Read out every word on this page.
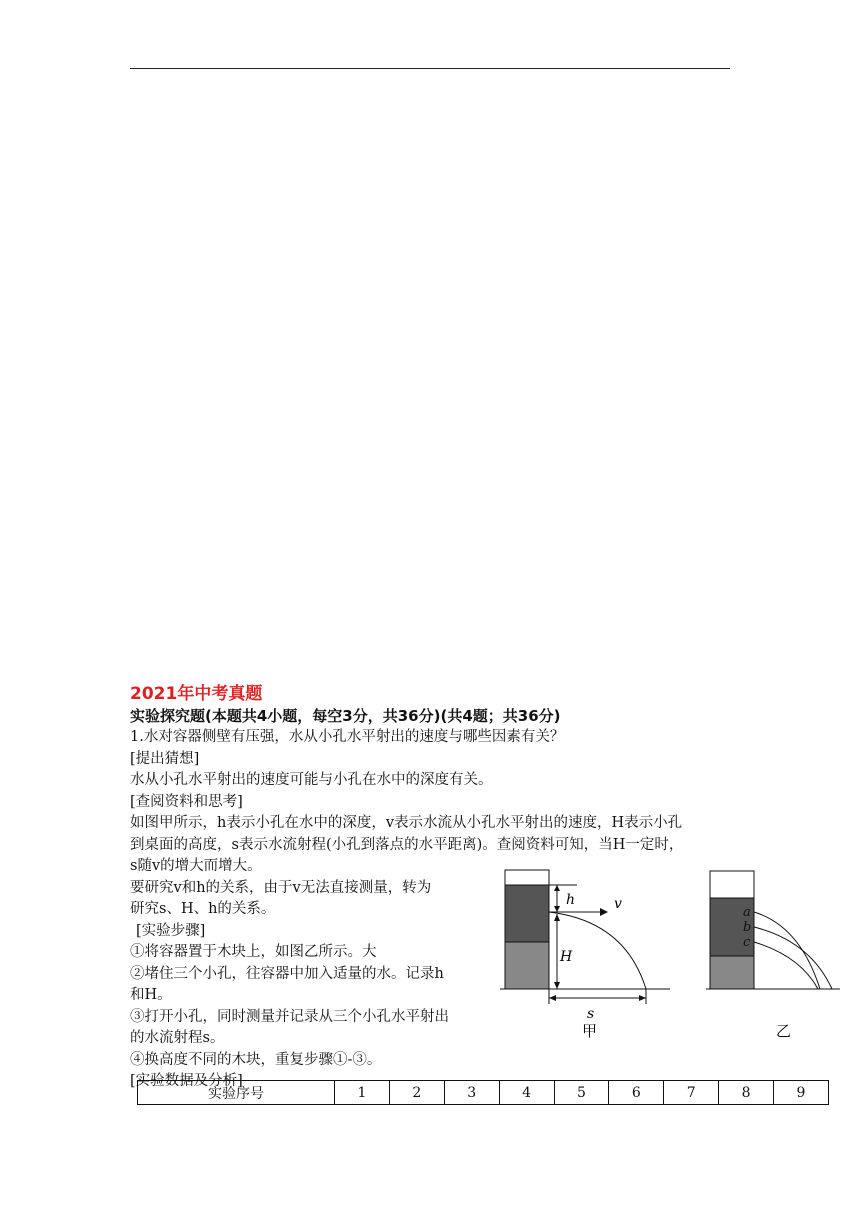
2021年中考真题
实验探究题(本题共4小题，每空3分，共36分)(共4题；共36分)

1.水对容器侧壁有压强，水从小孔水平射出的速度与哪些因素有关？

[提出猜想]

水从小孔水平射出的速度可能与小孔在水中的深度有关。

[查阅资料和思考]

如图甲所示，h表示小孔在水中的深度，v表示水流从小孔水平射出的速度，H表示小孔

到桌面的高度，s表示水流射程(小孔到落点的水平距离)。查阅资料可知，当H一定时，

s随v的增大而增大。

要研究v和h的关系，由于v无法直接测量，转为

研究s、H、h的关系。

[实验步骤]

①将容器置于木块上，如图乙所示。大

②堵住三个小孔，往容器中加入适量的水。记录h

和H。

③打开小孔，同时测量并记录从三个小孔水平射出

的水流射程s。

④换高度不同的木块，重复步骤①-③。

[实验数据及分析]

h	v
H
s
甲
a
b
c
乙
实验序号	1	2	3	4	5	6	7	8	9
